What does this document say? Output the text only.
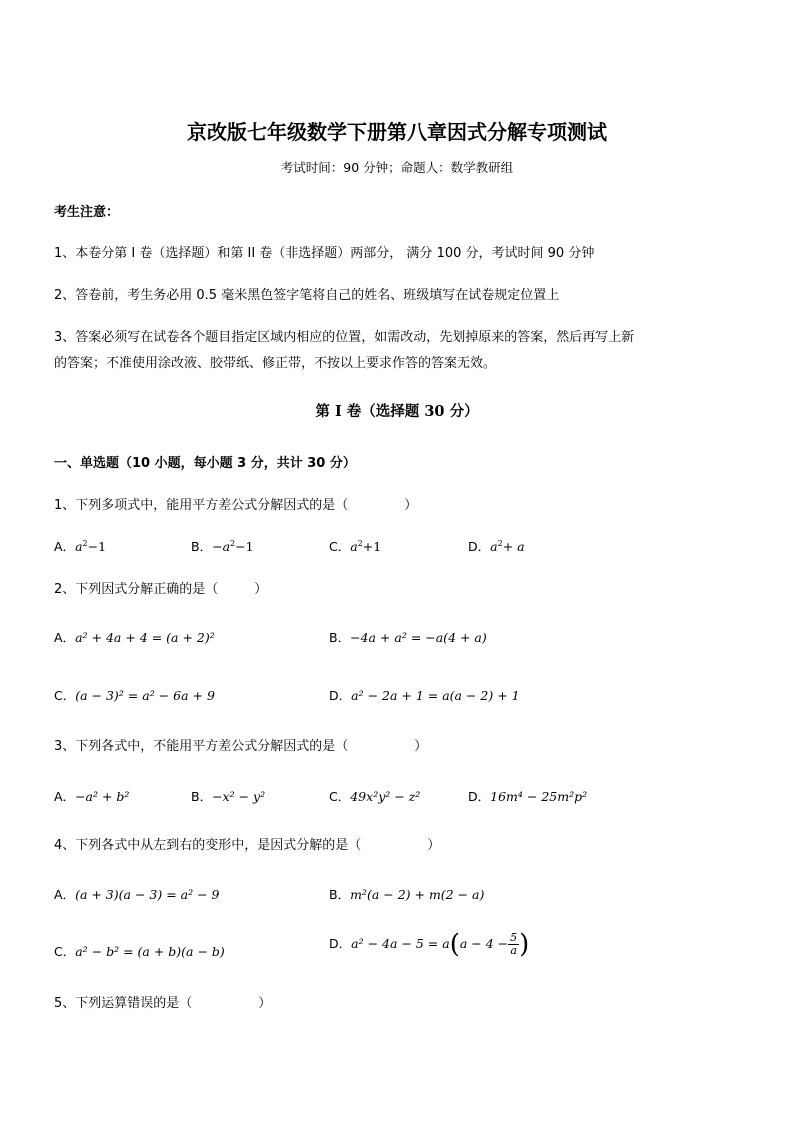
京改版七年级数学下册第八章因式分解专项测试
考试时间：90 分钟；命题人：数学教研组
考生注意：
1、本卷分第 I 卷（选择题）和第 II 卷（非选择题）两部分， 满分 100 分，考试时间 90 分钟
2、答卷前，考生务必用 0.5 毫米黑色签字笔将自己的姓名、班级填写在试卷规定位置上
3、答案必须写在试卷各个题目指定区域内相应的位置，如需改动，先划掉原来的答案，然后再写上新
的答案；不准使用涂改液、胶带纸、修正带，不按以上要求作答的答案无效。
第 I 卷（选择题 30 分）
一、单选题（10 小题，每小题 3 分，共计 30 分）
1、下列多项式中，能用平方差公式分解因式的是（	）
A．$a^2-1$	B．$-a^2-1$	C．$a^2+1$	D．$a^2+ a$
2、下列因式分解正确的是（	）
A．a² + 4a + 4 = (a + 2)²	B．−4a + a² = −a(4 + a)
C．(a − 3)² = a² − 6a + 9	D．a² − 2a + 1 = a(a − 2) + 1
3、下列各式中，不能用平方差公式分解因式的是（	）
A．−a² + b²	B．−x² − y²	C．49x²y² − z²	D．16m⁴ − 25m²p²
4、下列各式中从左到右的变形中，是因式分解的是（	）
A．(a + 3)(a − 3) = a² − 9	B．m²(a − 2) + m(2 − a)
C．a² − b² = (a + b)(a − b)
D．$a^2 - 4a - 5 = a(a - 4 - \frac{5}{a}$ )
5、下列运算错误的是（	）
